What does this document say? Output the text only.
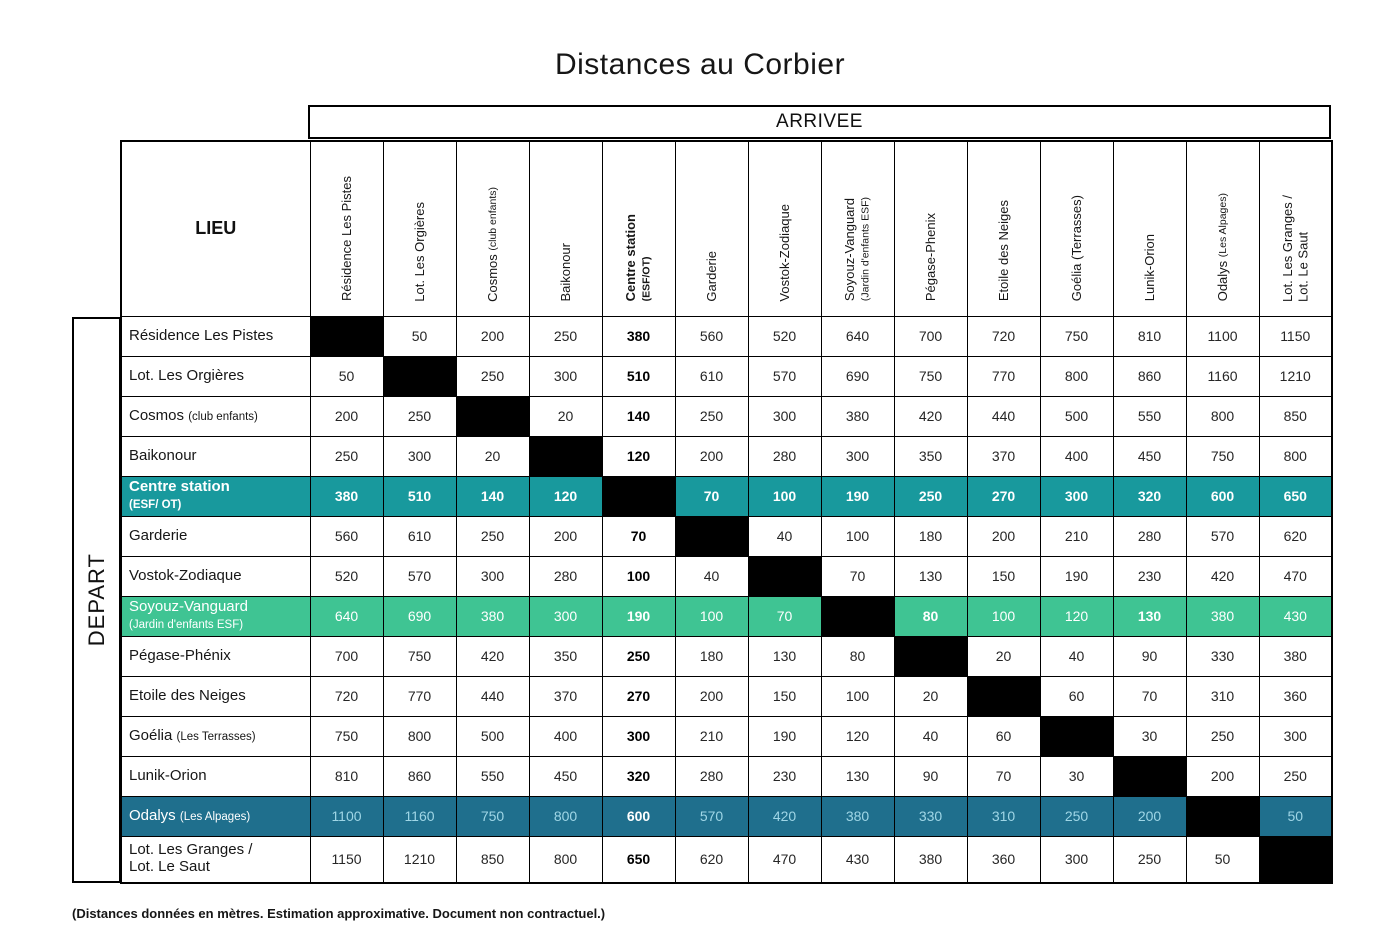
Distances au Corbier
ARRIVEE
DEPART
LIEU	Résidence Les Pistes	Lot. Les Orgières	Cosmos (club enfants)	Baikonour	Centre station (ESF/OT)	Garderie	Vostok-Zodiaque	Soyouz-Vanguard (Jardin d'enfants ESF)	Pégase-Phenix	Etoile des Neiges	Goélia (Terrasses)	Lunik-Orion	Odalys (Les Alpages)	Lot. Les Granges /
Lot. Le Saut
Résidence Les Pistes		50	200	250	380	560	520	640	700	720	750	810	1100	1150
Lot. Les Orgières	50		250	300	510	610	570	690	750	770	800	860	1160	1210
Cosmos (club enfants)	200	250		20	140	250	300	380	420	440	500	550	800	850
Baikonour	250	300	20		120	200	280	300	350	370	400	450	750	800
Centre station
(ESF/ OT)	380	510	140	120		70	100	190	250	270	300	320	600	650
Garderie	560	610	250	200	70		40	100	180	200	210	280	570	620
Vostok-Zodiaque	520	570	300	280	100	40		70	130	150	190	230	420	470
Soyouz-Vanguard
(Jardin d'enfants ESF)	640	690	380	300	190	100	70		80	100	120	130	380	430
Pégase-Phénix	700	750	420	350	250	180	130	80		20	40	90	330	380
Etoile des Neiges	720	770	440	370	270	200	150	100	20		60	70	310	360
Goélia (Les Terrasses)	750	800	500	400	300	210	190	120	40	60		30	250	300
Lunik-Orion	810	860	550	450	320	280	230	130	90	70	30		200	250
Odalys (Les Alpages)	1100	1160	750	800	600	570	420	380	330	310	250	200		50
Lot. Les Granges /
Lot. Le Saut	1150	1210	850	800	650	620	470	430	380	360	300	250	50	
(Distances données en mètres. Estimation approximative. Document non contractuel.)
